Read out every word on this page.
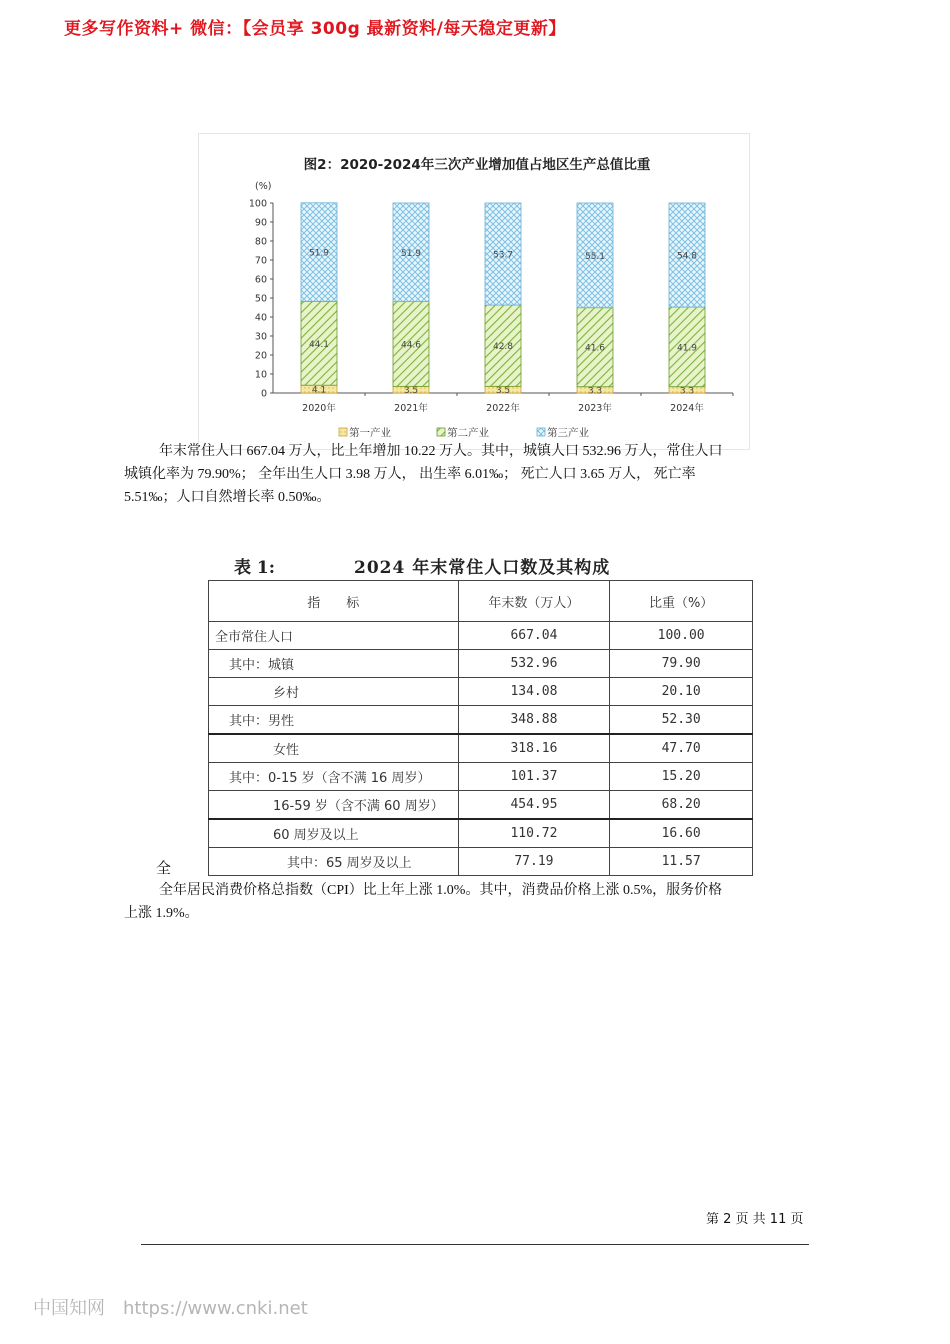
更多写作资料+ 微信：【会员享 300g 最新资料/每天稳定更新】
图2：2020-2024年三次产业增加值占地区生产总值比重
(%)
0
10
20
30
40
50
60
70
80
90
100
2020年	2021年	2022年	2023年	2024年
4.1
44.1
51.9
3.5
44.6
51.9
3.5
42.8
53.7
3.3
41.6
55.1
3.3
41.9
54.8
第一产业	第二产业	第三产业
年末常住人口 667.04 万人，比上年增加 10.22 万人。其中，城镇人口 532.96 万人，常住人口
城镇化率为 79.90%； 全年出生人口 3.98 万人， 出生率 6.01‰； 死亡人口 3.65 万人， 死亡率
5.51‰；人口自然增长率 0.50‰。
表 1:	2024 年末常住人口数及其构成
指　　标	年末数（万人）	比重（%）
全市常住人口	667.04	100.00
其中：城镇	532.96	79.90
乡村	134.08	20.10
其中：男性	348.88	52.30
女性	318.16	47.70
其中：0-15 岁（含不满 16 周岁）	101.37	15.20
16-59 岁（含不满 60 周岁）	454.95	68.20
60 周岁及以上	110.72	16.60
其中：65 周岁及以上	77.19	11.57
全
全年居民消费价格总指数（CPI）比上年上涨 1.0%。其中，消费品价格上涨 0.5%，服务价格
上涨 1.9%。
第 2 页 共 11 页
中国知网 https://www.cnki.net
